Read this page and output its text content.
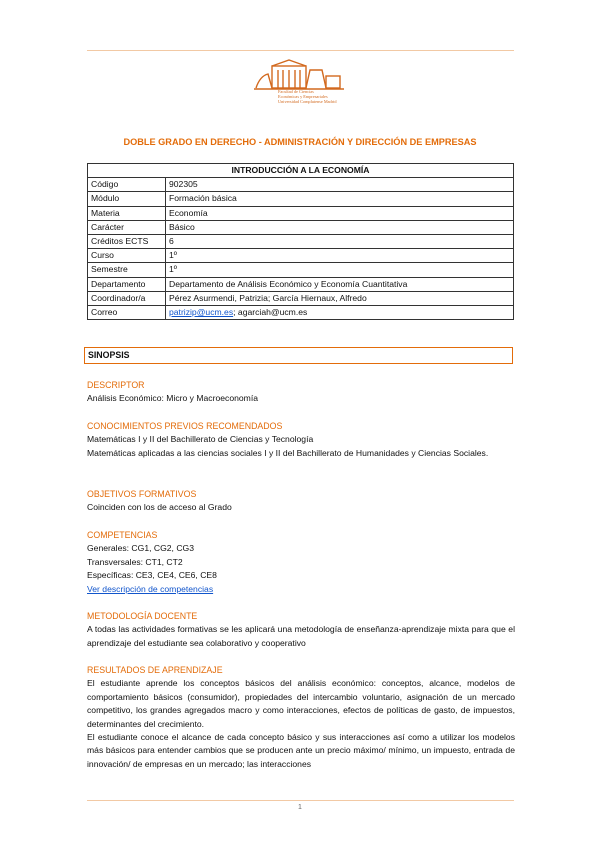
Facultad de Ciencias
Económicas y Empresariales
Universidad Complutense Madrid
DOBLE GRADO EN DERECHO - ADMINISTRACIÓN Y DIRECCIÓN DE EMPRESAS
INTRODUCCIÓN A LA ECONOMÍA	
Código	902305
Módulo	Formación básica
Materia	Economía
Carácter	Básico
Créditos ECTS	6
Curso	1º
Semestre	1º
Departamento	Departamento de Análisis Económico y Economía Cuantitativa
Coordinador/a	Pérez Asurmendi, Patrizia; García Hiernaux, Alfredo
Correo	patrizip@ucm.es; agarciah@ucm.es
SINOPSIS
DESCRIPTOR
Análisis Económico: Micro y Macroeconomía
CONOCIMIENTOS PREVIOS RECOMENDADOS
Matemáticas I y II del Bachillerato de Ciencias y Tecnología
Matemáticas aplicadas a las ciencias sociales I y II del Bachillerato de Humanidades y Ciencias Sociales.
OBJETIVOS FORMATIVOS
Coinciden con los de acceso al Grado
COMPETENCIAS
Generales: CG1, CG2, CG3
Transversales: CT1, CT2
Específicas: CE3, CE4, CE6, CE8
Ver descripción de competencias
METODOLOGÍA DOCENTE
A todas las actividades formativas se les aplicará una metodología de enseñanza-aprendizaje mixta para que el aprendizaje del estudiante sea colaborativo y cooperativo
RESULTADOS DE APRENDIZAJE
El estudiante aprende los conceptos básicos del análisis económico: conceptos, alcance, modelos de comportamiento básicos (consumidor), propiedades del intercambio voluntario, asignación de un mercado competitivo, los grandes agregados macro y como interacciones, efectos de políticas de gasto, de impuestos, determinantes del crecimiento.
El estudiante conoce el alcance de cada concepto básico y sus interacciones así como a utilizar los modelos más básicos para entender cambios que se producen ante un precio máximo/ mínimo, un impuesto, entrada de innovación/ de empresas en un mercado; las interacciones
1
